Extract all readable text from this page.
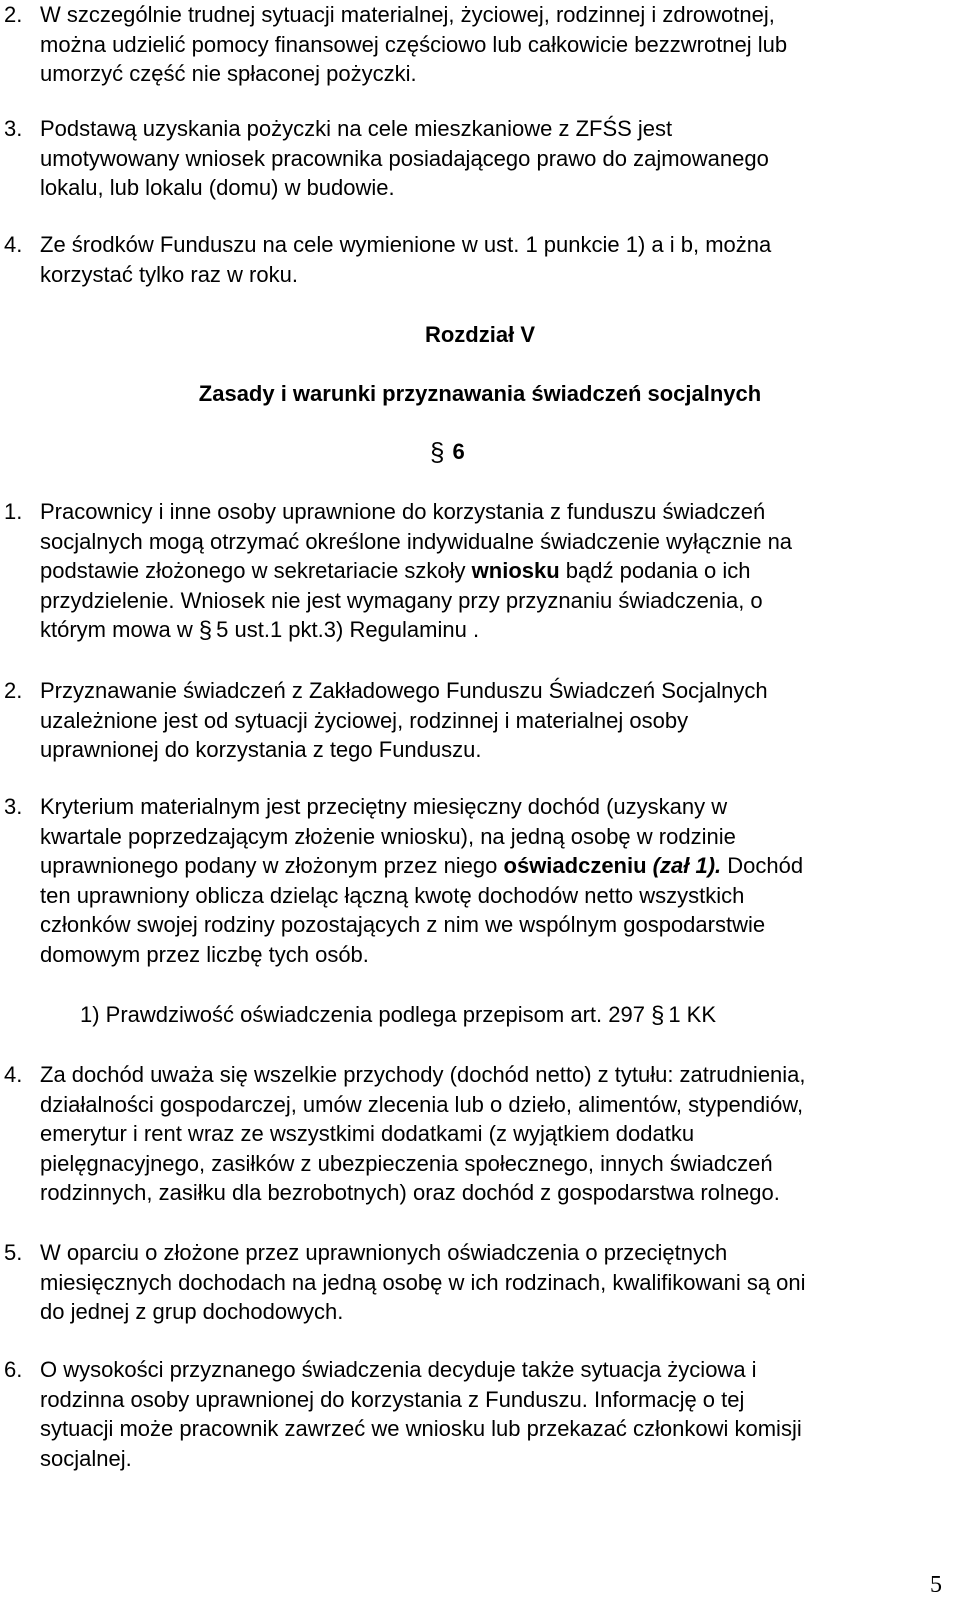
2. W szczególnie trudnej sytuacji materialnej, życiowej, rodzinnej i zdrowotnej,
można udzielić pomocy finansowej częściowo lub całkowicie bezzwrotnej lub
umorzyć część nie spłaconej pożyczki.
3. Podstawą uzyskania pożyczki na cele mieszkaniowe z ZFŚS jest
umotywowany wniosek pracownika posiadającego prawo do zajmowanego
lokalu, lub lokalu (domu) w budowie.
4. Ze środków Funduszu na cele wymienione w ust. 1 punkcie 1) a i b, można
korzystać tylko raz w roku.
Rozdział V
Zasady i warunki przyznawania świadczeń socjalnych
§ 6
1. Pracownicy i inne osoby uprawnione do korzystania z funduszu świadczeń
socjalnych mogą otrzymać określone indywidualne świadczenie wyłącznie na
podstawie złożonego w sekretariacie szkoły wniosku bądź podania o ich
przydzielenie. Wniosek nie jest wymagany przy przyznaniu świadczenia, o
którym mowa w § 5 ust.1 pkt.3) Regulaminu .
2. Przyznawanie świadczeń z Zakładowego Funduszu Świadczeń Socjalnych
uzależnione jest od sytuacji życiowej, rodzinnej i materialnej osoby
uprawnionej do korzystania z tego Funduszu.
3. Kryterium materialnym jest przeciętny miesięczny dochód (uzyskany w
kwartale poprzedzającym złożenie wniosku), na jedną osobę w rodzinie
uprawnionego podany w złożonym przez niego oświadczeniu (zał 1). Dochód
ten uprawniony oblicza dzieląc łączną kwotę dochodów netto wszystkich
członków swojej rodziny pozostających z nim we wspólnym gospodarstwie
domowym przez liczbę tych osób.
1) Prawdziwość oświadczenia podlega przepisom art. 297 § 1 KK
4. Za dochód uważa się wszelkie przychody (dochód netto) z tytułu: zatrudnienia,
działalności gospodarczej, umów zlecenia lub o dzieło, alimentów, stypendiów,
emerytur i rent wraz ze wszystkimi dodatkami (z wyjątkiem dodatku
pielęgnacyjnego, zasiłków z ubezpieczenia społecznego, innych świadczeń
rodzinnych, zasiłku dla bezrobotnych) oraz dochód z gospodarstwa rolnego.
5. W oparciu o złożone przez uprawnionych oświadczenia o przeciętnych
miesięcznych dochodach na jedną osobę w ich rodzinach, kwalifikowani są oni
do jednej z grup dochodowych.
6. O wysokości przyznanego świadczenia decyduje także sytuacja życiowa i
rodzinna osoby uprawnionej do korzystania z Funduszu. Informację o tej
sytuacji może pracownik zawrzeć we wniosku lub przekazać członkowi komisji
socjalnej.
5
